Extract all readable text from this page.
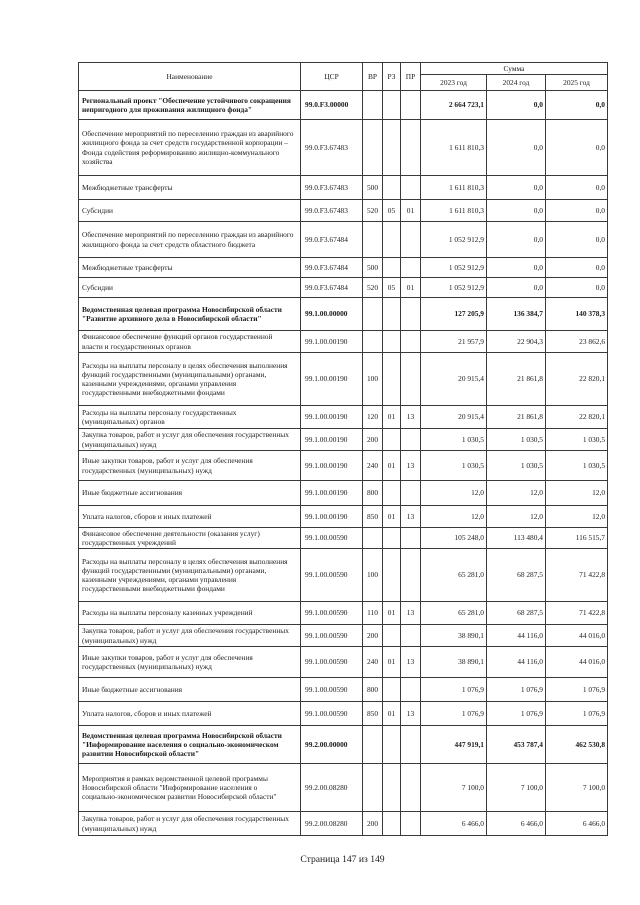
Наименование	ЦСР	ВР	РЗ	ПР	Сумма		
					2023 год	2024 год	2025 год
Региональный проект "Обеспечение устойчивого сокращения непригодного для проживания жилищного фонда"	99.0.F3.00000				2 664 723,1	0,0	0,0
Обеспечение мероприятий по переселению граждан из аварийного жилищного фонда за счет средств государственной корпорации – Фонда содействия реформированию жилищно-коммунального хозяйства	99.0.F3.67483				1 611 810,3	0,0	0,0
Межбюджетные трансферты	99.0.F3.67483	500			1 611 810,3	0,0	0,0
Субсидии	99.0.F3.67483	520	05	01	1 611 810,3	0,0	0,0
Обеспечение мероприятий по переселению граждан из аварийного жилищного фонда за счет средств областного бюджета	99.0.F3.67484				1 052 912,9	0,0	0,0
Межбюджетные трансферты	99.0.F3.67484	500			1 052 912,9	0,0	0,0
Субсидии	99.0.F3.67484	520	05	01	1 052 912,9	0,0	0,0
Ведомственная целевая программа Новосибирской области "Развитие архивного дела в Новосибирской области"	99.1.00.00000				127 205,9	136 384,7	140 378,3
Финансовое обеспечение функций органов государственной власти и государственных органов	99.1.00.00190				21 957,9	22 904,3	23 862,6
Расходы на выплаты персоналу в целях обеспечения выполнения функций государственными (муниципальными) органами, казенными учреждениями, органами управления государственными внебюджетными фондами	99.1.00.00190	100			20 915,4	21 861,8	22 820,1
Расходы на выплаты персоналу государственных (муниципальных) органов	99.1.00.00190	120	01	13	20 915,4	21 861,8	22 820,1
Закупка товаров, работ и услуг для обеспечения государственных (муниципальных) нужд	99.1.00.00190	200			1 030,5	1 030,5	1 030,5
Иные закупки товаров, работ и услуг для обеспечения государственных (муниципальных) нужд	99.1.00.00190	240	01	13	1 030,5	1 030,5	1 030,5
Иные бюджетные ассигнования	99.1.00.00190	800			12,0	12,0	12,0
Уплата налогов, сборов и иных платежей	99.1.00.00190	850	01	13	12,0	12,0	12,0
Финансовое обеспечение деятельности (оказания услуг) государственных учреждений	99.1.00.00590				105 248,0	113 480,4	116 515,7
Расходы на выплаты персоналу в целях обеспечения выполнения функций государственными (муниципальными) органами, казенными учреждениями, органами управления государственными внебюджетными фондами	99.1.00.00590	100			65 281,0	68 287,5	71 422,8
Расходы на выплаты персоналу казенных учреждений	99.1.00.00590	110	01	13	65 281,0	68 287,5	71 422,8
Закупка товаров, работ и услуг для обеспечения государственных (муниципальных) нужд	99.1.00.00590	200			38 890,1	44 116,0	44 016,0
Иные закупки товаров, работ и услуг для обеспечения государственных (муниципальных) нужд	99.1.00.00590	240	01	13	38 890,1	44 116,0	44 016,0
Иные бюджетные ассигнования	99.1.00.00590	800			1 076,9	1 076,9	1 076,9
Уплата налогов, сборов и иных платежей	99.1.00.00590	850	01	13	1 076,9	1 076,9	1 076,9
Ведомственная целевая программа Новосибирской области "Информирование населения о социально-экономическом развитии Новосибирской области"	99.2.00.00000				447 919,1	453 787,4	462 530,8
Мероприятия в рамках ведомственной целевой программы Новосибирской области "Информирование населения о социально-экономическом развитии Новосибирской области"	99.2.00.08280				7 100,0	7 100,0	7 100,0
Закупка товаров, работ и услуг для обеспечения государственных (муниципальных) нужд	99.2.00.08280	200			6 466,0	6 466,0	6 466,0
Страница 147 из 149
